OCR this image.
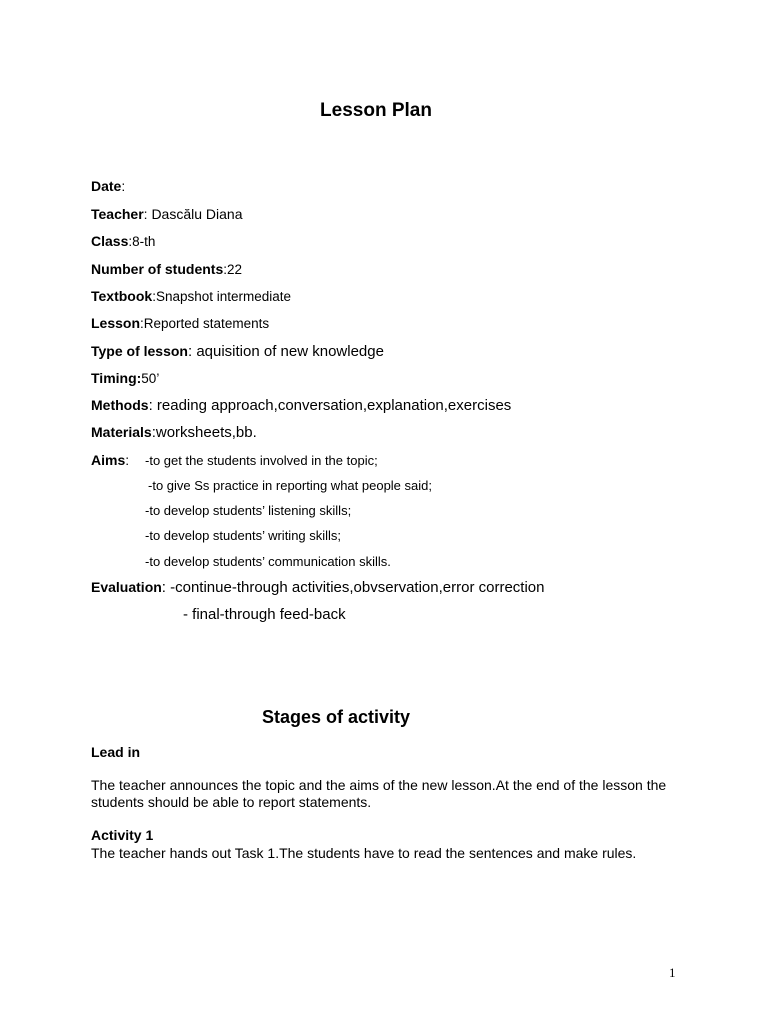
Lesson Plan
Date:
Teacher: Dascălu Diana
Class:8-th
Number of students:22
Textbook:Snapshot intermediate
Lesson:Reported statements
Type of lesson: aquisition of new knowledge
Timing:50’
Methods: reading approach,conversation,explanation,exercises
Materials:worksheets,bb.
Aims: -to get the students involved in the topic;
-to give Ss practice in reporting what people said;
-to develop students’ listening skills;
-to develop students’ writing skills;
-to develop students’ communication skills.
Evaluation: -continue-through activities,obvservation,error correction
- final-through feed-back
Stages of activity
Lead in
The teacher announces the topic and the aims of the new lesson.At the end of the lesson the students should be able to report statements.
Activity 1
The teacher hands out Task 1.The students have to read the sentences and make rules.
1
